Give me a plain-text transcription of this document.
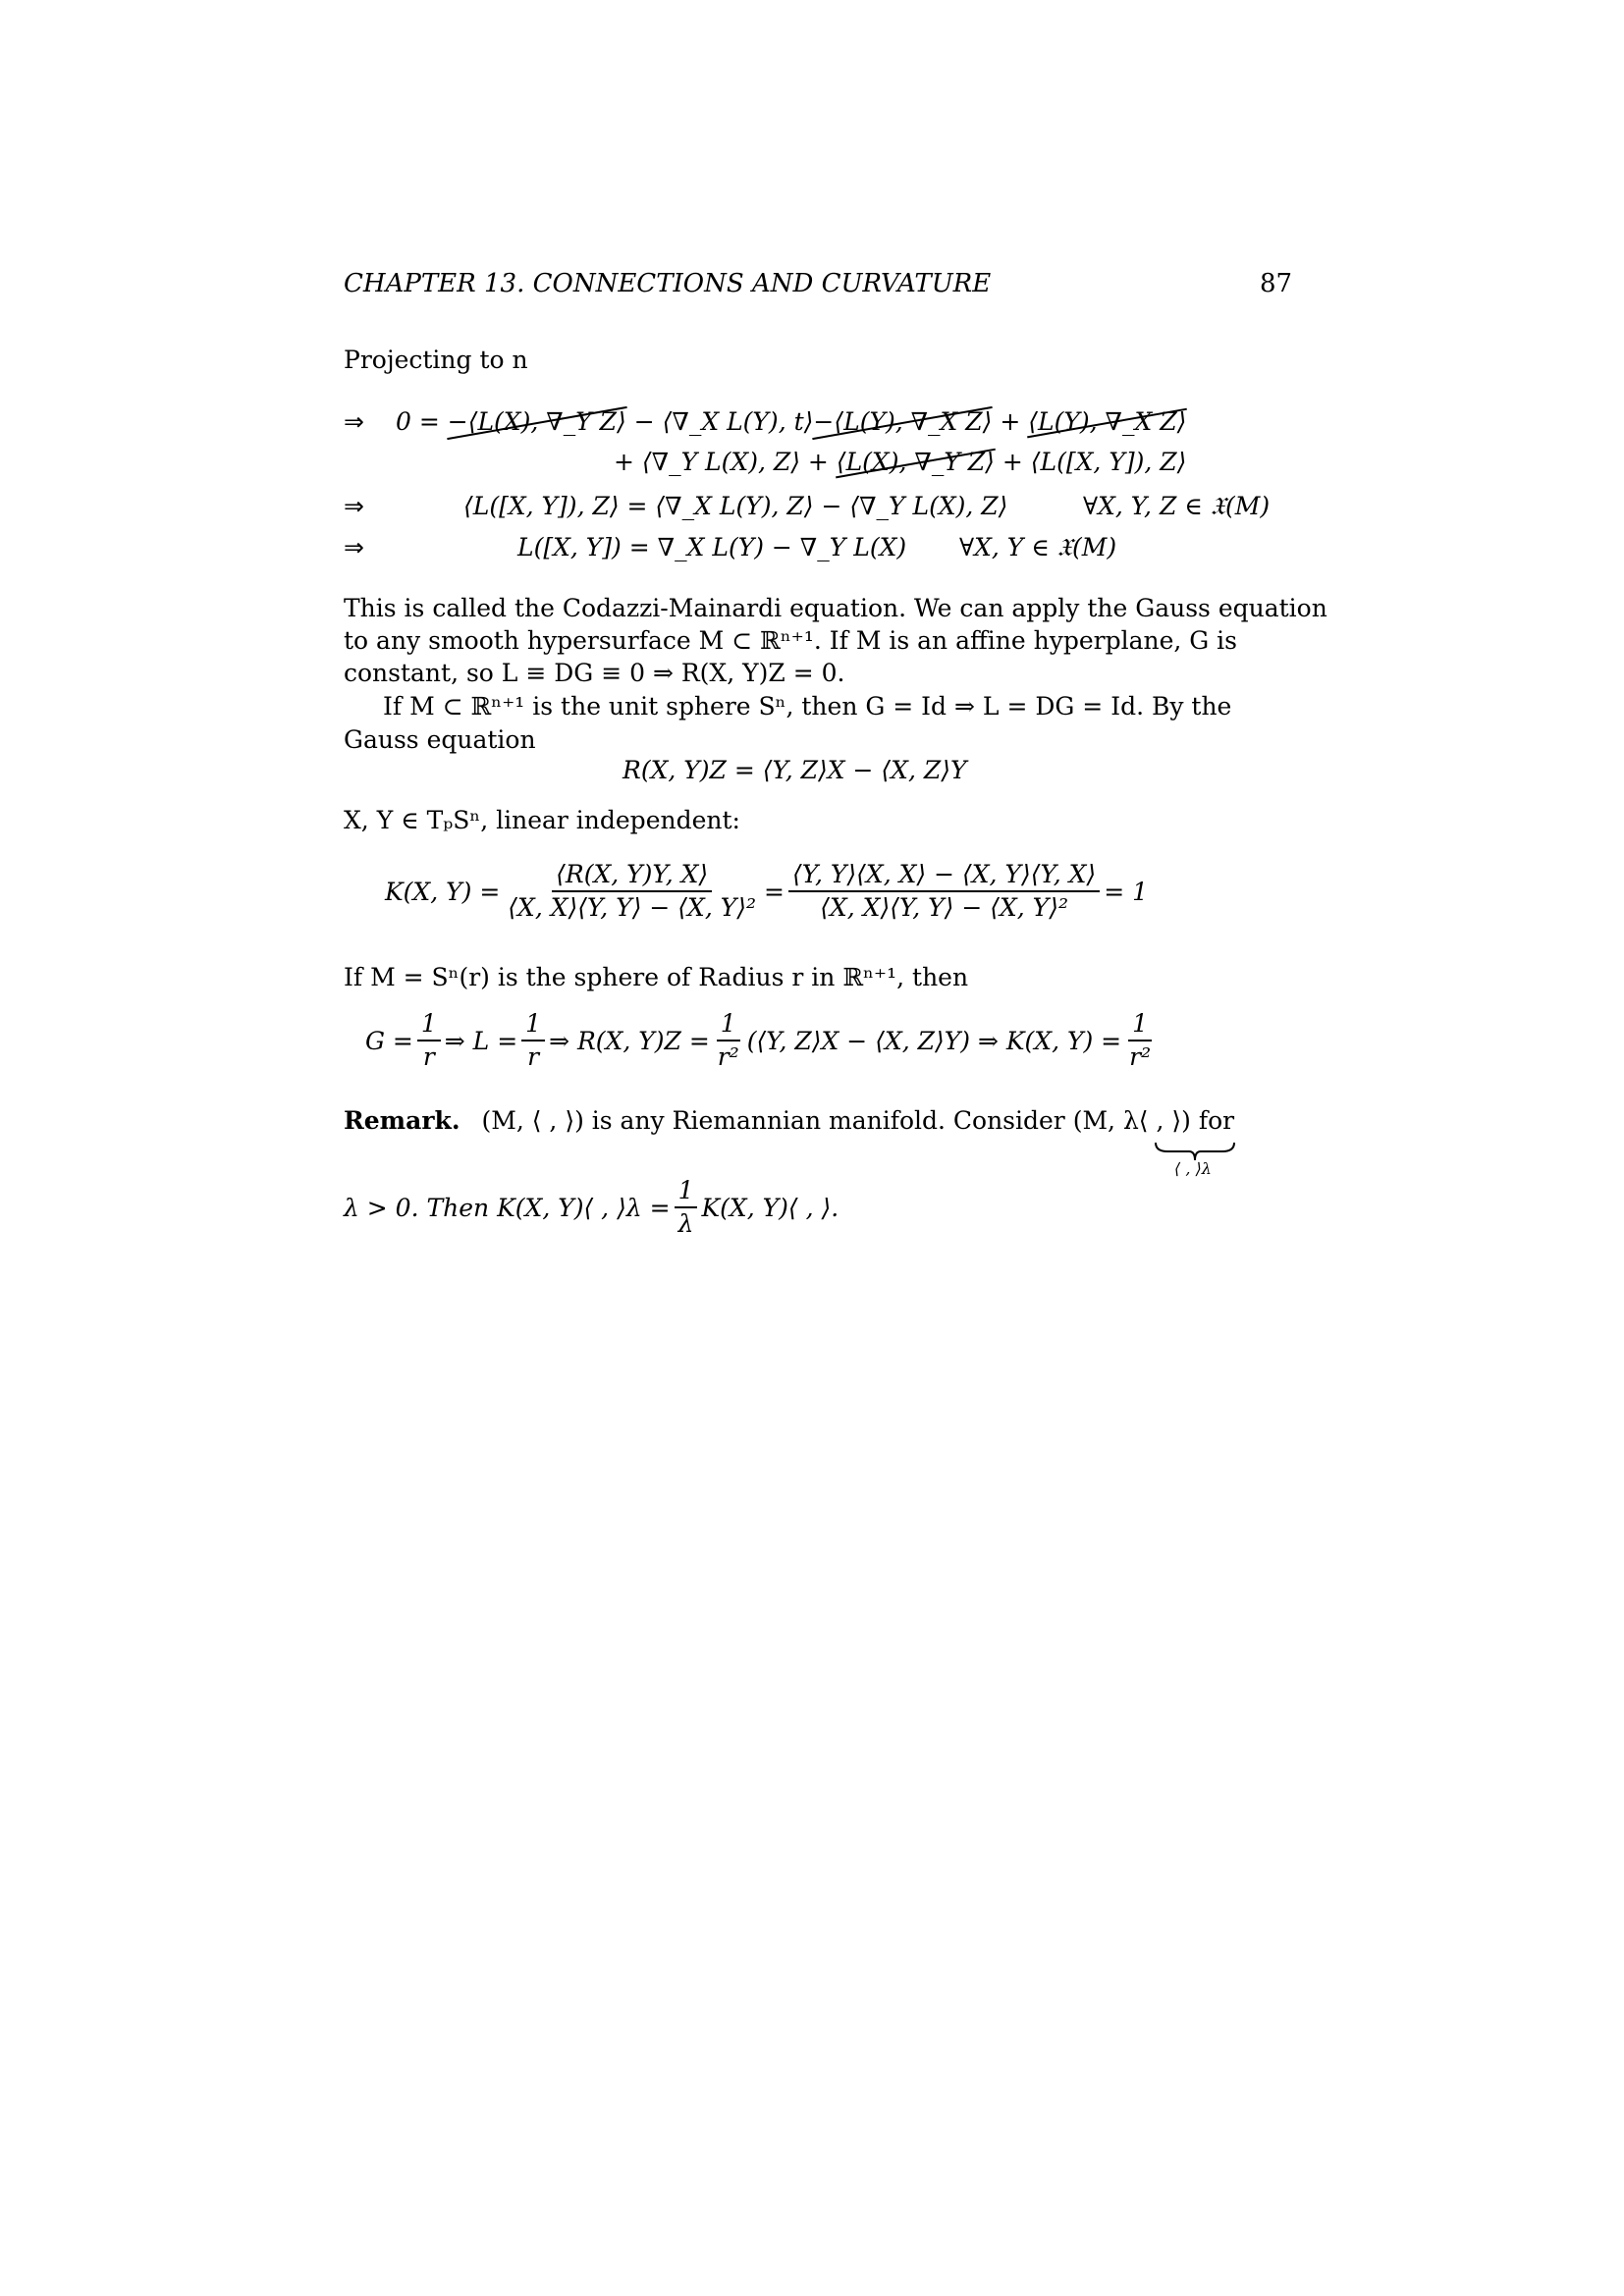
CHAPTER 13. CONNECTIONS AND CURVATURE	87
Projecting to n
⇒ 0 = −⟨L(X), ∇_Y Z⟩ − ⟨∇_X L(Y), t⟩−⟨L(Y), ∇_X Z⟩ + ⟨L(Y), ∇_X Z⟩
+ ⟨∇_Y L(X), Z⟩ + ⟨L(X), ∇_Y Z⟩ + ⟨L([X, Y]), Z⟩
⇒	⟨L([X, Y]), Z⟩ = ⟨∇_X L(Y), Z⟩ − ⟨∇_Y L(X), Z⟩	∀X, Y, Z ∈ 𝔛(M)
⇒	L([X, Y]) = ∇_X L(Y) − ∇_Y L(X) ∀X, Y ∈ 𝔛(M)
This is called the Codazzi-Mainardi equation. We can apply the Gauss equation
to any smooth hypersurface M ⊂ ℝⁿ⁺¹. If M is an affine hyperplane, G is
constant, so L ≡ DG ≡ 0 ⇒ R(X, Y)Z = 0.
If M ⊂ ℝⁿ⁺¹ is the unit sphere Sⁿ, then G = Id ⇒ L = DG = Id. By the
Gauss equation
R(X, Y)Z = ⟨Y, Z⟩X − ⟨X, Z⟩Y
X, Y ∈ TₚSⁿ, linear independent:
K(X, $Y) = \frac{⟨R(X, Y)Y, X⟩}{\text{⟨X, X⟩⟨Y, Y⟩ − ⟨X, Y⟩²}} = \frac{⟨Y, Y⟩⟨X, X⟩ - ⟨X, Y⟩⟨Y, X⟩}{\text{⟨X, X⟩⟨Y, Y⟩ − ⟨X, Y⟩²}} = 1$
If M = Sⁿ(r) is the sphere of Radius r in ℝⁿ⁺¹, then
$G = \frac{1}{r}$ ⇒ $L = \frac{1}{r}$ ⇒ R(X, $Y)Z = \frac{1}{\text{r²}}$ (⟨Y, Z⟩X − ⟨X, Z⟩Y) ⇒ K(X, $Y) = \frac{1}{\text{r²}}$
Remark. (M, ⟨ , ⟩) is any Riemannian manifold. Consider (M, λ⟨ , ⟩) for
⟨ , ⟩λ
λ > 0. Then K(X, Y)⟨ , ⟩λ = $\frac{1}{\lambda} K(X$, Y)⟨ , ⟩.
